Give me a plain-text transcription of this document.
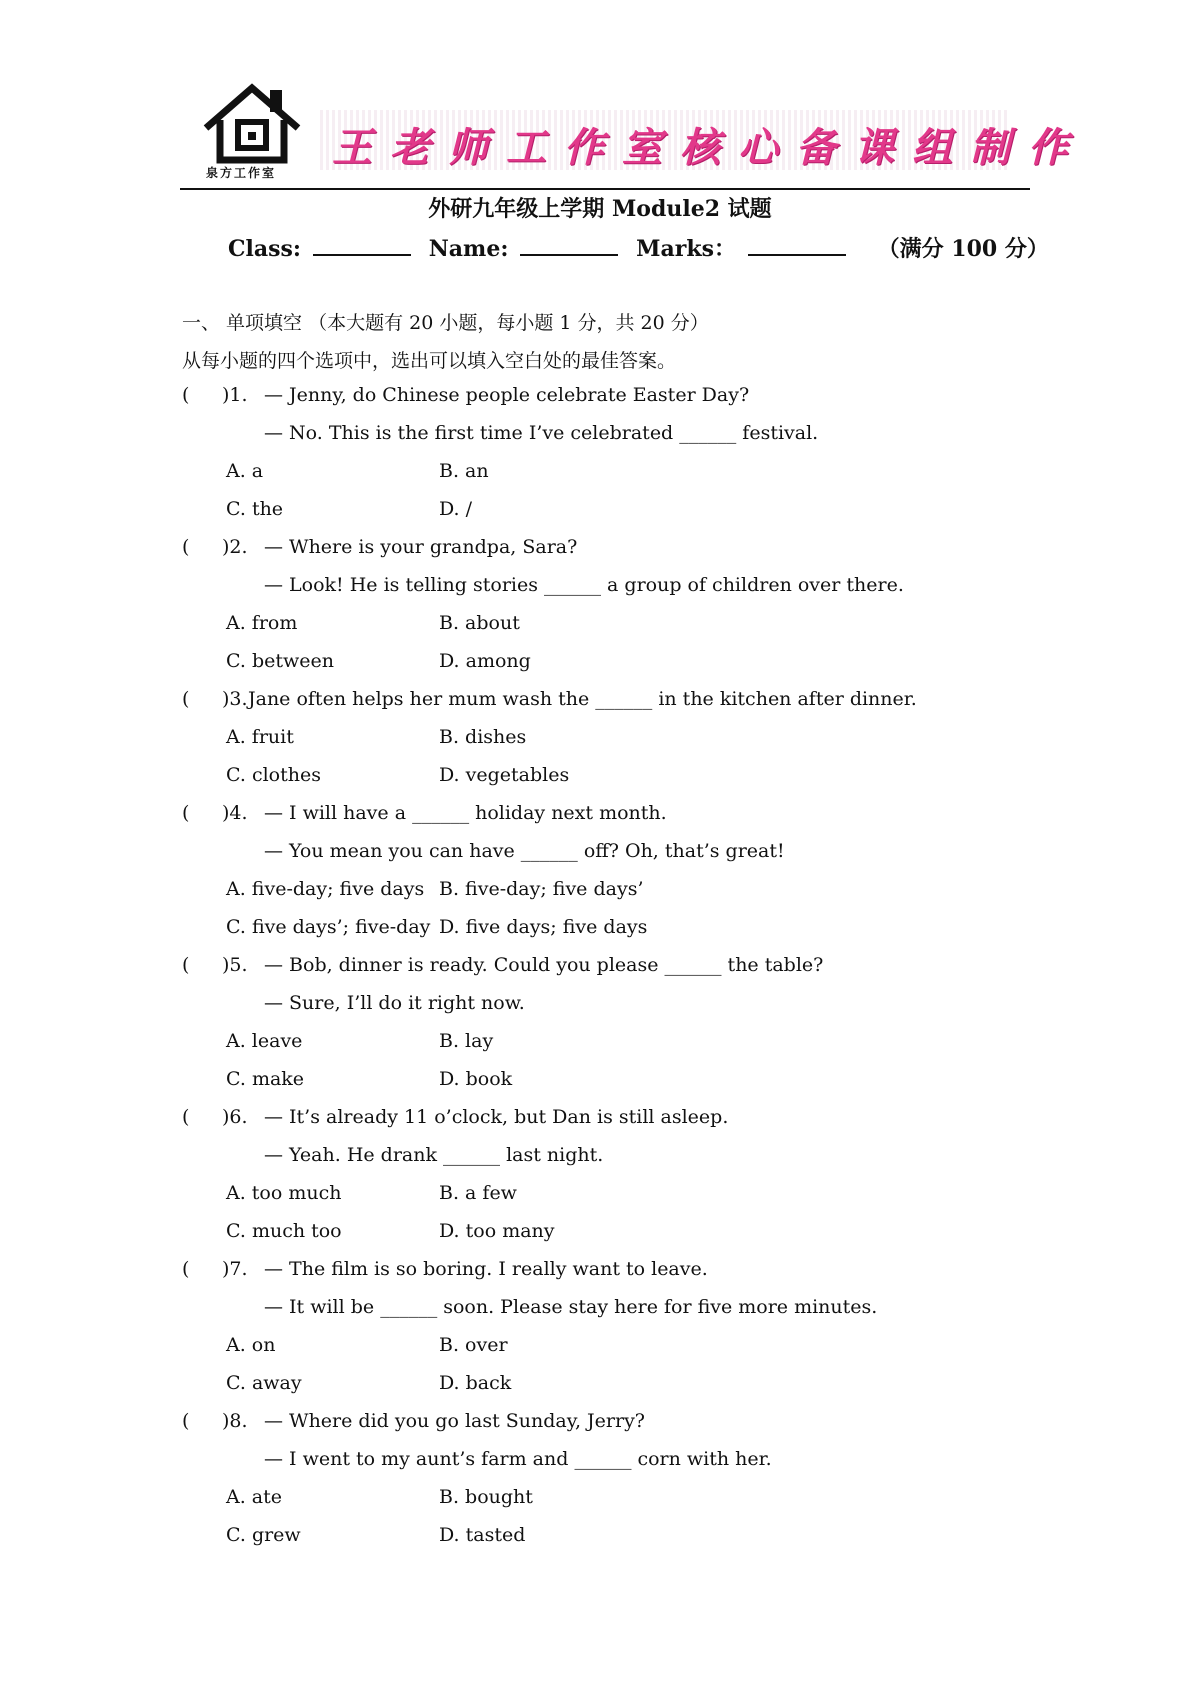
泉方工作室
王老师工作室核心备课组制作
外研九年级上学期 Module2 试题
Class:	Name:	Marks：	（满分 100 分）
一、 单项填空 （本大题有 20 小题，每小题 1 分，共 20 分）
从每小题的四个选项中，选出可以填入空白处的最佳答案。
( )1. — Jenny, do Chinese people celebrate Easter Day?
— No. This is the first time I’ve celebrated ______ festival.
A. a	B. an
C. the	D. /
( )2. — Where is your grandpa, Sara?
— Look! He is telling stories ______ a group of children over there.
A. from	B. about
C. between	D. among
( )3. Jane often helps her mum wash the ______ in the kitchen after dinner.
A. fruit	B. dishes
C. clothes	D. vegetables
( )4. — I will have a ______ holiday next month.
— You mean you can have ______ off? Oh, that’s great!
A. five-day; five days B. five-day; five days’
C. five days’; five-day D. five days; five days
( )5. — Bob, dinner is ready. Could you please ______ the table?
— Sure, I’ll do it right now.
A. leave	B. lay
C. make	D. book
( )6. — It’s already 11 o’clock, but Dan is still asleep.
— Yeah. He drank ______ last night.
A. too much	B. a few
C. much too	D. too many
( )7. — The film is so boring. I really want to leave.
— It will be ______ soon. Please stay here for five more minutes.
A. on	B. over
C. away	D. back
( )8. — Where did you go last Sunday, Jerry?
— I went to my aunt’s farm and ______ corn with her.
A. ate	B. bought
C. grew	D. tasted
